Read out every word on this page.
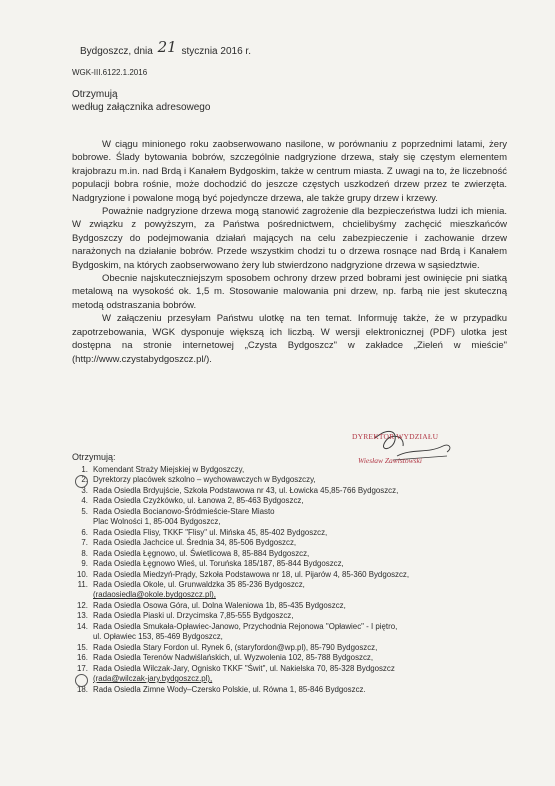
Bydgoszcz, dnia 21 stycznia 2016 r.
WGK-III.6122.1.2016
Otrzymują
według załącznika adresowego

W ciągu minionego roku zaobserwowano nasilone, w porównaniu z poprzednimi latami, żery bobrowe. Ślady bytowania bobrów, szczególnie nadgryzione drzewa, stały się częstym elementem krajobrazu m.in. nad Brdą i Kanałem Bydgoskim, także w centrum miasta. Z uwagi na to, że liczebność populacji bobra rośnie, może dochodzić do jeszcze częstych uszkodzeń drzew przez te zwierzęta. Nadgryzione i powalone mogą być pojedyncze drzewa, ale także grupy drzew i krzewy.

Poważnie nadgryzione drzewa mogą stanowić zagrożenie dla bezpieczeństwa ludzi ich mienia. W związku z powyższym, za Państwa pośrednictwem, chcielibyśmy zachęcić mieszkańców Bydgoszczy do podejmowania działań mających na celu zabezpieczenie i zachowanie drzew narażonych na działanie bobrów. Przede wszystkim chodzi tu o drzewa rosnące nad Brdą i Kanałem Bydgoskim, na których zaobserwowano żery lub stwierdzono nadgryzione drzewa w sąsiedztwie.

Obecnie najskuteczniejszym sposobem ochrony drzew przed bobrami jest owinięcie pni siatką metalową na wysokość ok. 1,5 m. Stosowanie malowania pni drzew, np. farbą nie jest skuteczną metodą odstraszania bobrów.

W załączeniu przesyłam Państwu ulotkę na ten temat. Informuję także, że w przypadku zapotrzebowania, WGK dysponuje większą ich liczbą. W wersji elektronicznej (PDF) ulotka jest dostępna na stronie internetowej „Czysta Bydgoszcz" w zakładce „Zieleń w mieście" (http://www.czystabydgoszcz.pl/).

DYREKTOR WYDZIAŁU
Wiesław Zawistowski
Otrzymują:
1. Komendant Straży Miejskiej w Bydgoszczy,
2. Dyrektorzy placówek szkolno – wychowawczych w Bydgoszczy,
3. Rada Osiedla Brdyujście, Szkoła Podstawowa nr 43, ul. Łowicka 45,85-766 Bydgoszcz,
4. Rada Osiedla Czyżkówko, ul. Łanowa 2, 85-463 Bydgoszcz,
5. Rada Osiedla Bocianowo-Śródmieście-Stare Miasto
Plac Wolności 1, 85-004 Bydgoszcz,
6. Rada Osiedla Flisy, TKKF "Flisy" ul. Mińska 45, 85-402 Bydgoszcz,
7. Rada Osiedla Jachcice ul. Średnia 34, 85-506 Bydgoszcz,
8. Rada Osiedla Łęgnowo, ul. Świetlicowa 8, 85-884 Bydgoszcz,
9. Rada Osiedla Łęgnowo Wieś, ul. Toruńska 185/187, 85-844 Bydgoszcz,
10. Rada Osiedla Miedzyń-Prądy, Szkoła Podstawowa nr 18, ul. Pijarów 4, 85-360 Bydgoszcz,
11. Rada Osiedla Okole, ul. Grunwaldzka 35 85-236 Bydgoszcz,
(radaosiedla@okole.bydgoszcz.pl),
12. Rada Osiedla Osowa Góra, ul. Dolna Waleniowa 1b, 85-435 Bydgoszcz,
13. Rada Osiedla Piaski ul. Drzycimska 7,85-555 Bydgoszcz,
14. Rada Osiedla Smukała-Opławiec-Janowo, Przychodnia Rejonowa "Opławiec" - I piętro,
ul. Opławiec 153, 85-469 Bydgoszcz,
15. Rada Osiedla Stary Fordon ul. Rynek 6, (staryfordon@wp.pl), 85-790 Bydgoszcz,
16. Rada Osiedla Terenów Nadwiślańskich, ul. Wyzwolenia 102, 85-788 Bydgoszcz,
17. Rada Osiedla Wilczak-Jary, Ognisko TKKF "Świt", ul. Nakielska 70, 85-328 Bydgoszcz
(rada@wilczak-jary.bydgoszcz.pl),
18. Rada Osiedla Zimne Wody–Czersko Polskie, ul. Równa 1, 85-846 Bydgoszcz.
